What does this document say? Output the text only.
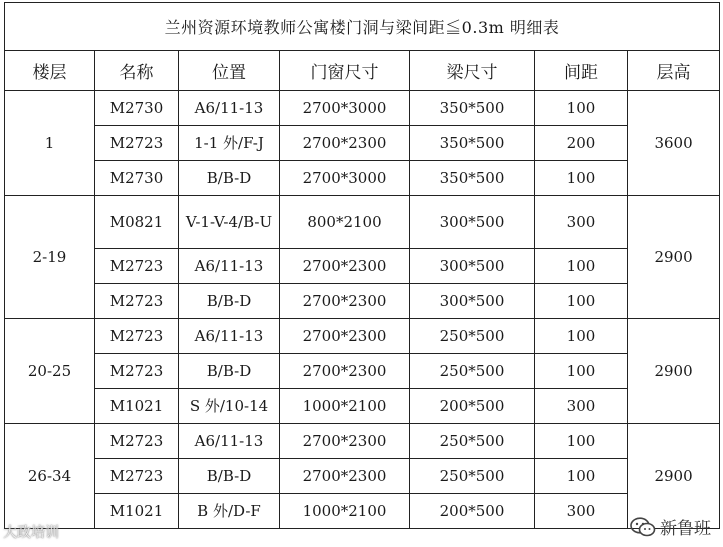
兰州资源环境教师公寓楼门洞与梁间距≦0.3m 明细表						
楼层	名称	位置	门窗尺寸	梁尺寸	间距	层高
1	M2730	A6/11-13	2700*3000	350*500	100	3600
	M2723	1-1 外/F-J	2700*2300	350*500	200	
	M2730	B/B-D	2700*3000	350*500	100	
2-19	M0821	V-1-V-4/B-U	800*2100	300*500	300	2900
	M2723	A6/11-13	2700*2300	300*500	100	
	M2723	B/B-D	2700*2300	300*500	100	
20-25	M2723	A6/11-13	2700*2300	250*500	100	2900
	M2723	B/B-D	2700*2300	250*500	100	
	M1021	S 外/10-14	1000*2100	200*500	300	
26-34	M2723	A6/11-13	2700*2300	250*500	100	2900
	M2723	B/B-D	2700*2300	250*500	100	
	M1021	B 外/D-F	1000*2100	200*500	300	
大政培训	新鲁班
